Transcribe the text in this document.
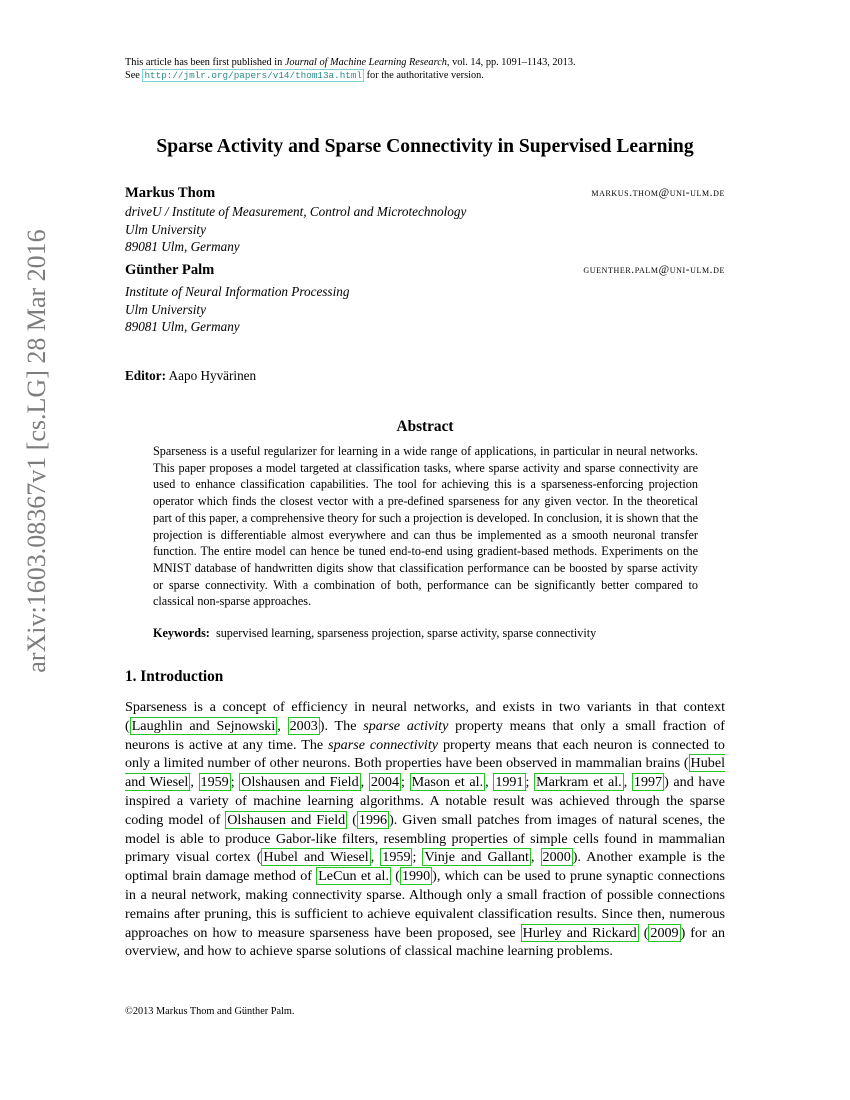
This article has been first published in Journal of Machine Learning Research, vol. 14, pp. 1091–1143, 2013.
See http://jmlr.org/papers/v14/thom13a.html for the authoritative version.
Sparse Activity and Sparse Connectivity in Supervised Learning
Markus Thom	markus.thom@uni-ulm.de
driveU / Institute of Measurement, Control and Microtechnology
Ulm University
89081 Ulm, Germany
Günther Palm	guenther.palm@uni-ulm.de
Institute of Neural Information Processing
Ulm University
89081 Ulm, Germany
Editor: Aapo Hyvärinen
Abstract
Sparseness is a useful regularizer for learning in a wide range of applications, in particular in neural networks. This paper proposes a model targeted at classification tasks, where sparse activity and sparse connectivity are used to enhance classification capabilities. The tool for achieving this is a sparseness-enforcing projection operator which finds the closest vector with a pre-defined sparseness for any given vector. In the theoretical part of this paper, a comprehensive theory for such a projection is developed. In conclusion, it is shown that the projection is differentiable almost everywhere and can thus be implemented as a smooth neuronal transfer function. The entire model can hence be tuned end-to-end using gradient-based methods. Experiments on the MNIST database of handwritten digits show that classification performance can be boosted by sparse activity or sparse connectivity. With a combination of both, performance can be significantly better compared to classical non-sparse approaches.
Keywords: supervised learning, sparseness projection, sparse activity, sparse connectivity
1. Introduction
Sparseness is a concept of efficiency in neural networks, and exists in two variants in that context ( Laughlin and Sejnowski , 2003 ). The sparse activity property means that only a small fraction of neurons is active at any time. The sparse connectivity property means that each neuron is connected to only a limited number of other neurons. Both properties have been observed in mammalian brains ( Hubel and Wiesel , 1959 ; Olshausen and Field , 2004 ; Mason et al. , 1991 ; Markram et al. , 1997 ) and have inspired a variety of machine learning algorithms. A notable result was achieved through the sparse coding model of Olshausen and Field ( 1996 ). Given small patches from images of natural scenes, the model is able to produce Gabor-like filters, resembling properties of simple cells found in mammalian primary visual cortex ( Hubel and Wiesel , 1959 ; Vinje and Gallant , 2000 ). Another example is the optimal brain damage method of LeCun et al. ( 1990 ), which can be used to prune synaptic connections in a neural network, making connectivity sparse. Although only a small fraction of possible connections remains after pruning, this is sufficient to achieve equivalent classification results. Since then, numerous approaches on how to measure sparseness have been proposed, see Hurley and Rickard ( 2009 ) for an overview, and how to achieve sparse solutions of classical machine learning problems.
©2013 Markus Thom and Günther Palm.
arXiv:1603.08367v1 [cs.LG] 28 Mar 2016
